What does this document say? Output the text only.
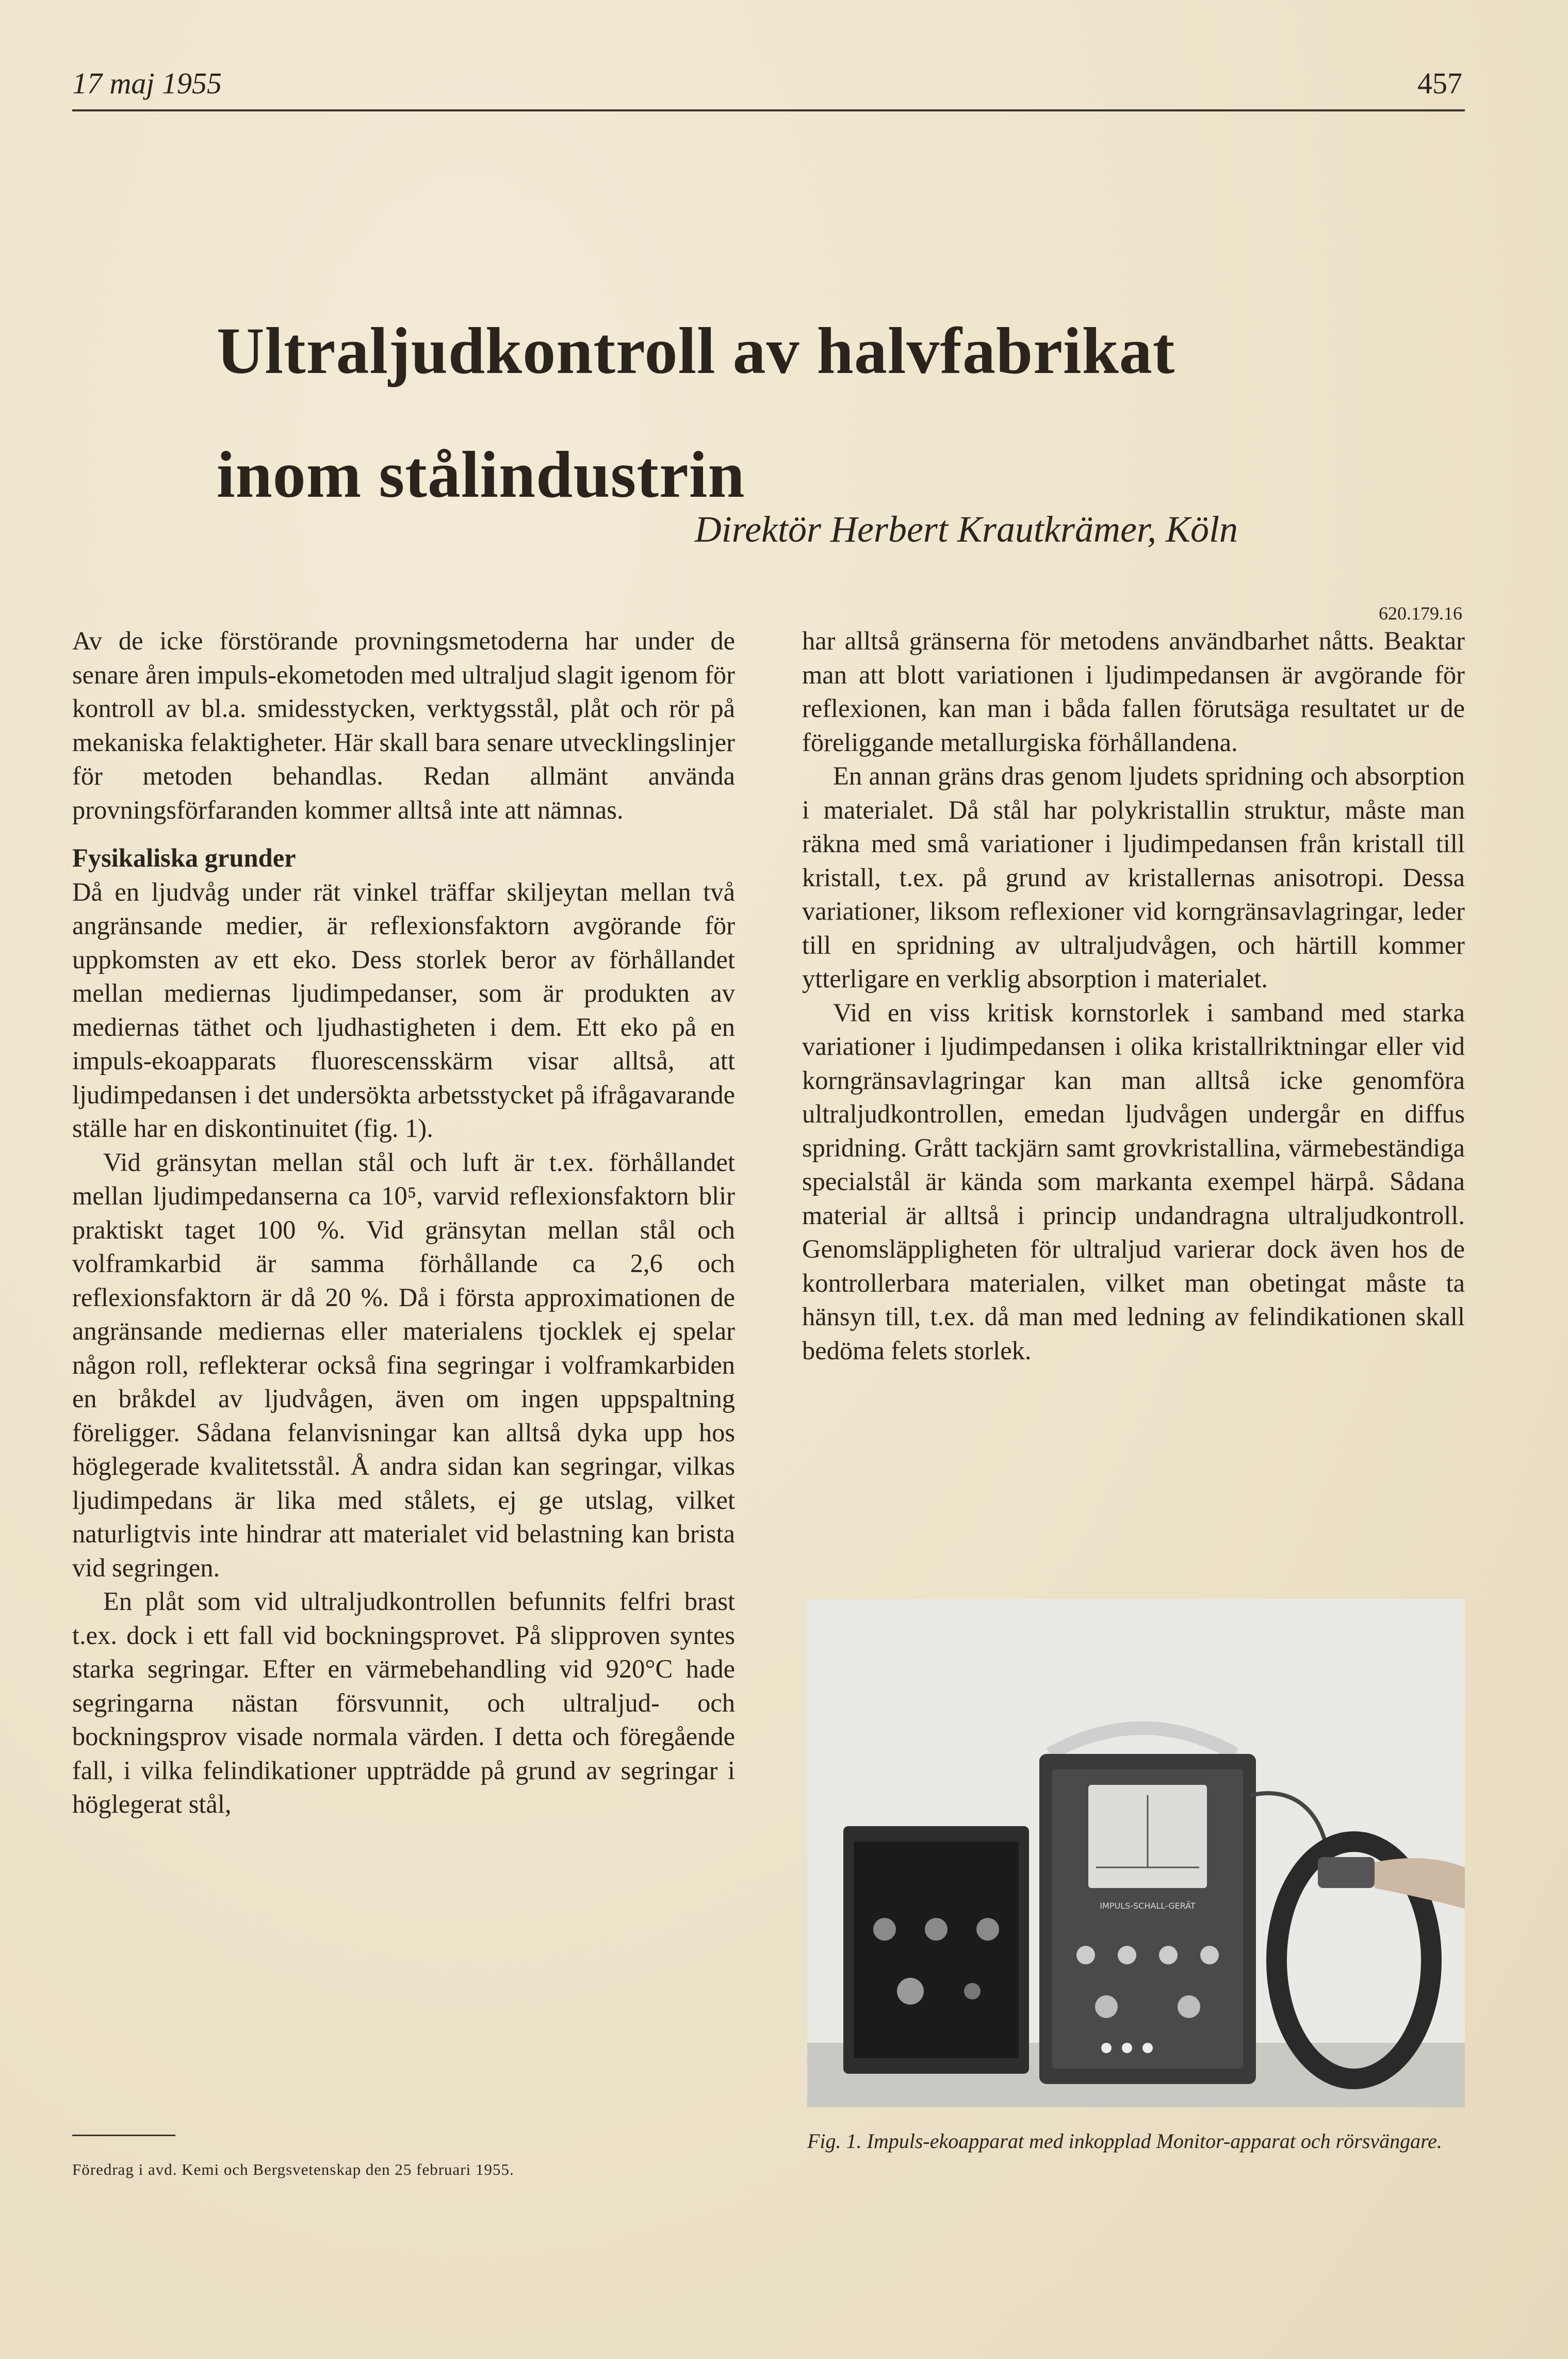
17 maj 1955	457
Ultraljudkontroll av halvfabrikat
inom stålindustrin
Direktör Herbert Krautkrämer, Köln
620.179.16

Av de icke förstörande provningsmetoderna har under de senare åren impuls-ekometoden med ultraljud slagit igenom för kontroll av bl.a. smidesstycken, verktygsstål, plåt och rör på mekaniska felaktigheter. Här skall bara senare utvecklingslinjer för metoden behandlas. Redan allmänt använda provningsförfaranden kommer alltså inte att nämnas.

Fysikaliska grunder

Då en ljudvåg under rät vinkel träffar skiljeytan mellan två angränsande medier, är reflexionsfaktorn avgörande för uppkomsten av ett eko. Dess storlek beror av förhållandet mellan mediernas ljudimpedanser, som är produkten av mediernas täthet och ljudhastigheten i dem. Ett eko på en impuls-ekoapparats fluorescensskärm visar alltså, att ljudimpedansen i det undersökta arbetsstycket på ifrågavarande ställe har en diskontinuitet (fig. 1).

Vid gränsytan mellan stål och luft är t.ex. förhållandet mellan ljudimpedanserna ca 10⁵, varvid reflexionsfaktorn blir praktiskt taget 100 %. Vid gränsytan mellan stål och volframkarbid är samma förhållande ca 2,6 och reflexionsfaktorn är då 20 %. Då i första approximationen de angränsande mediernas eller materialens tjocklek ej spelar någon roll, reflekterar också fina segringar i volframkarbiden en bråkdel av ljudvågen, även om ingen uppspaltning föreligger. Sådana felanvisningar kan alltså dyka upp hos höglegerade kvalitetsstål. Å andra sidan kan segringar, vilkas ljudimpedans är lika med stålets, ej ge utslag, vilket naturligtvis inte hindrar att materialet vid belastning kan brista vid segringen.

En plåt som vid ultraljudkontrollen befunnits felfri brast t.ex. dock i ett fall vid bockningsprovet. På slipproven syntes starka segringar. Efter en värmebehandling vid 920°C hade segringarna nästan försvunnit, och ultraljud- och bockningsprov visade normala värden. I detta och föregående fall, i vilka felindikationer uppträdde på grund av segringar i höglegerat stål,

har alltså gränserna för metodens användbarhet nåtts. Beaktar man att blott variationen i ljudimpedansen är avgörande för reflexionen, kan man i båda fallen förutsäga resultatet ur de föreliggande metallurgiska förhållandena.

En annan gräns dras genom ljudets spridning och absorption i materialet. Då stål har polykristallin struktur, måste man räkna med små variationer i ljudimpedansen från kristall till kristall, t.ex. på grund av kristallernas anisotropi. Dessa variationer, liksom reflexioner vid korngränsavlagringar, leder till en spridning av ultraljudvågen, och härtill kommer ytterligare en verklig absorption i materialet.

Vid en viss kritisk kornstorlek i samband med starka variationer i ljudimpedansen i olika kristallriktningar eller vid korngränsavlagringar kan man alltså icke genomföra ultraljudkontrollen, emedan ljudvågen undergår en diffus spridning. Grått tackjärn samt grovkristallina, värmebeständiga specialstål är kända som markanta exempel härpå. Sådana material är alltså i princip undandragna ultraljudkontroll. Genomsläppligheten för ultraljud varierar dock även hos de kontrollerbara materialen, vilket man obetingat måste ta hänsyn till, t.ex. då man med ledning av felindikationen skall bedöma felets storlek.

IMPULS-SCHALL-GERÄT
Fig. 1. Impuls-ekoapparat med inkopplad Monitor-apparat och rörsvängare.
Föredrag i avd. Kemi och Bergsvetenskap den 25 februari 1955.
